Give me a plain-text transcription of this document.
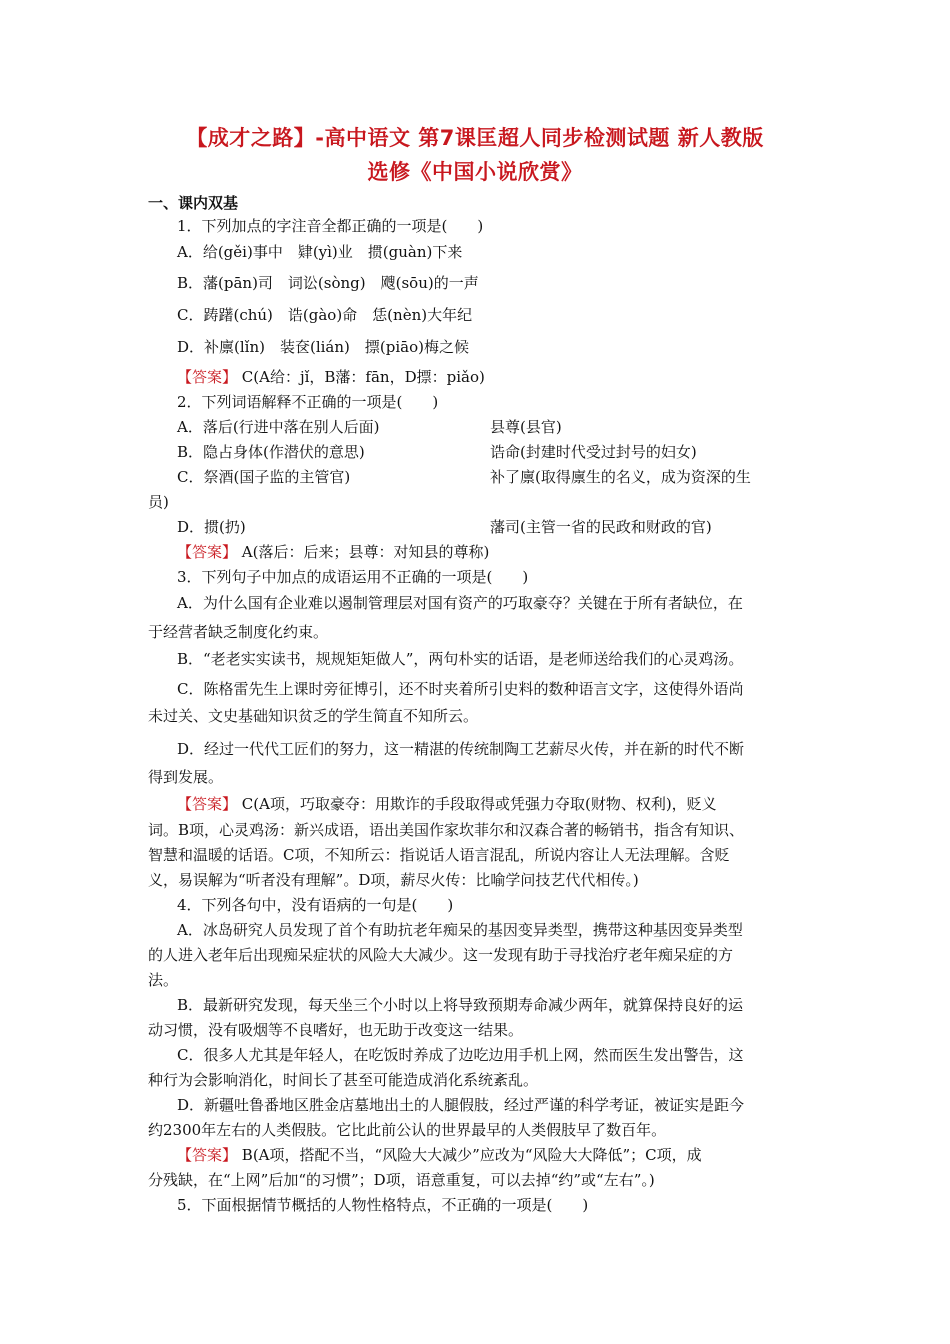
【成才之路】-高中语文 第7课匡超人同步检测试题 新人教版
选修《中国小说欣赏》
一、课内双基
1．下列加点的字注音全都正确的一项是(　　)
A．给(gěi)事中　肄(yì)业　掼(guàn)下来
B．藩(pān)司　词讼(sòng)　飕(sōu)的一声
C．踌躇(chú)　诰(gào)命　恁(nèn)大年纪
D．补廪(lǐn)　装奁(lián)　摽(piāo)梅之候
【答案】 C(A给：jǐ，B藩：fān，D摽：piǎo)
2．下列词语解释不正确的一项是(　　)
A．落后(行进中落在别人后面)	县尊(县官)
B．隐占身体(作潜伏的意思)	诰命(封建时代受过封号的妇女)
C．祭酒(国子监的主管官)	补了廪(取得廪生的名义，成为资深的生
员)
D．掼(扔)	藩司(主管一省的民政和财政的官)
【答案】 A(落后：后来；县尊：对知县的尊称)
3．下列句子中加点的成语运用不正确的一项是(　　)
A．为什么国有企业难以遏制管理层对国有资产的巧取豪夺？关键在于所有者缺位，在
于经营者缺乏制度化约束。
B．“老老实实读书，规规矩矩做人”，两句朴实的话语，是老师送给我们的心灵鸡汤。
C．陈格雷先生上课时旁征博引，还不时夹着所引史料的数种语言文字，这使得外语尚
未过关、文史基础知识贫乏的学生简直不知所云。
D．经过一代代工匠们的努力，这一精湛的传统制陶工艺薪尽火传，并在新的时代不断
得到发展。
【答案】 C(A项，巧取豪夺：用欺诈的手段取得或凭强力夺取(财物、权利)，贬义
词。B项，心灵鸡汤：新兴成语，语出美国作家坎菲尔和汉森合著的畅销书，指含有知识、
智慧和温暖的话语。C项，不知所云：指说话人语言混乱，所说内容让人无法理解。含贬
义，易误解为“听者没有理解”。D项，薪尽火传：比喻学问技艺代代相传。)
4．下列各句中，没有语病的一句是(　　)
A．冰岛研究人员发现了首个有助抗老年痴呆的基因变异类型，携带这种基因变异类型
的人进入老年后出现痴呆症状的风险大大减少。这一发现有助于寻找治疗老年痴呆症的方
法。
B．最新研究发现，每天坐三个小时以上将导致预期寿命减少两年，就算保持良好的运
动习惯，没有吸烟等不良嗜好，也无助于改变这一结果。
C．很多人尤其是年轻人，在吃饭时养成了边吃边用手机上网，然而医生发出警告，这
种行为会影响消化，时间长了甚至可能造成消化系统紊乱。
D．新疆吐鲁番地区胜金店墓地出土的人腿假肢，经过严谨的科学考证，被证实是距今
约2300年左右的人类假肢。它比此前公认的世界最早的人类假肢早了数百年。
【答案】 B(A项，搭配不当，“风险大大减少”应改为“风险大大降低”；C项，成
分残缺，在“上网”后加“的习惯”；D项，语意重复，可以去掉“约”或“左右”。)
5．下面根据情节概括的人物性格特点，不正确的一项是(　　)
